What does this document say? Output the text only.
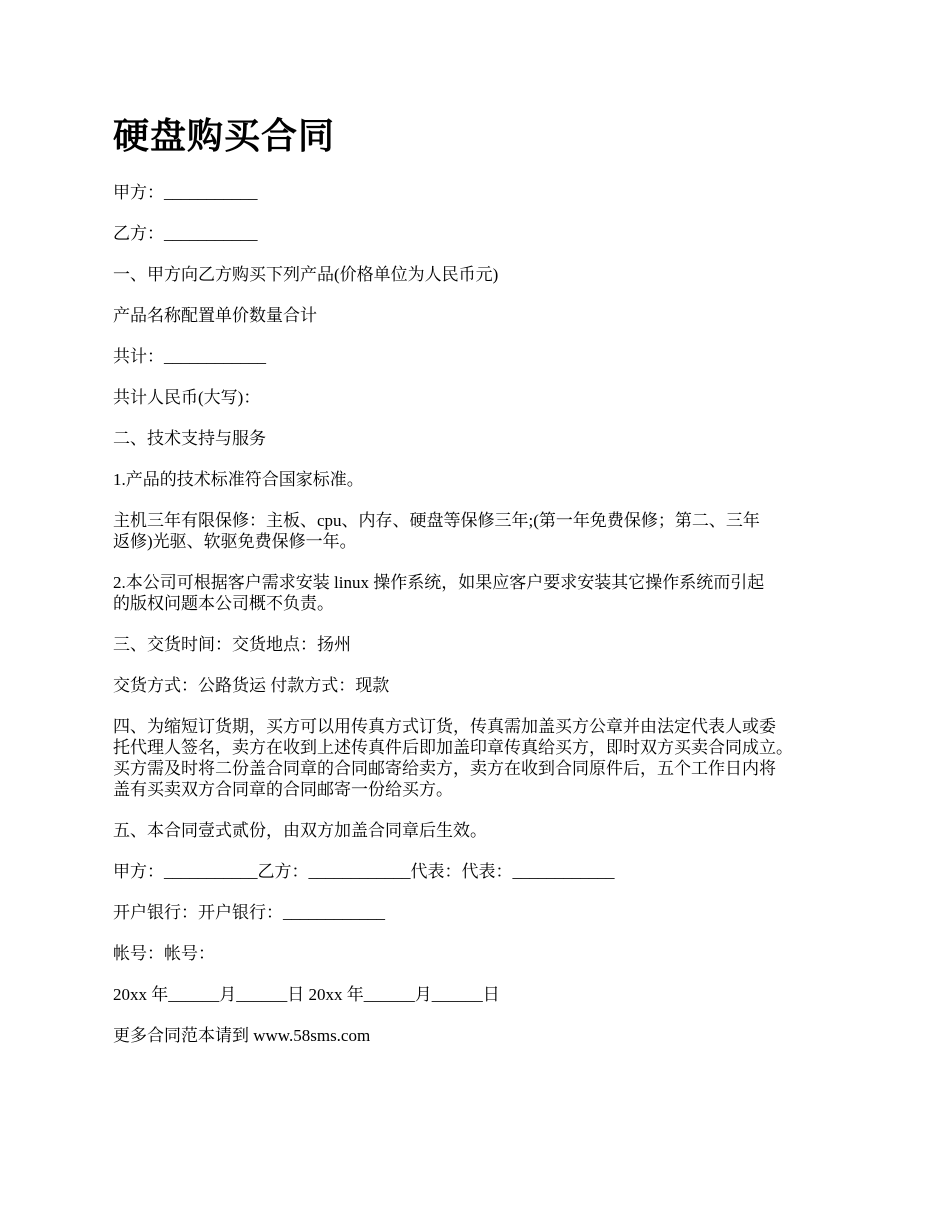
硬盘购买合同

甲方：___________

乙方：___________

一、甲方向乙方购买下列产品(价格单位为人民币元)

产品名称配置单价数量合计

共计：____________

共计人民币(大写)：

二、技术支持与服务

1.产品的技术标准符合国家标准。

主机三年有限保修：主板、cpu、内存、硬盘等保修三年;(第一年免费保修；第二、三年
返修)光驱、软驱免费保修一年。

2.本公司可根据客户需求安装 linux 操作系统，如果应客户要求安装其它操作系统而引起
的版权问题本公司概不负责。

三、交货时间：交货地点：扬州

交货方式：公路货运 付款方式：现款

四、为缩短订货期，买方可以用传真方式订货，传真需加盖买方公章并由法定代表人或委
托代理人签名，卖方在收到上述传真件后即加盖印章传真给买方，即时双方买卖合同成立。
买方需及时将二份盖合同章的合同邮寄给卖方，卖方在收到合同原件后，五个工作日内将
盖有买卖双方合同章的合同邮寄一份给买方。

五、本合同壹式贰份，由双方加盖合同章后生效。

甲方：___________乙方：____________代表：代表：____________

开户银行：开户银行：____________

帐号：帐号：

20xx 年______月______日 20xx 年______月______日

更多合同范本请到 www.58sms.com
